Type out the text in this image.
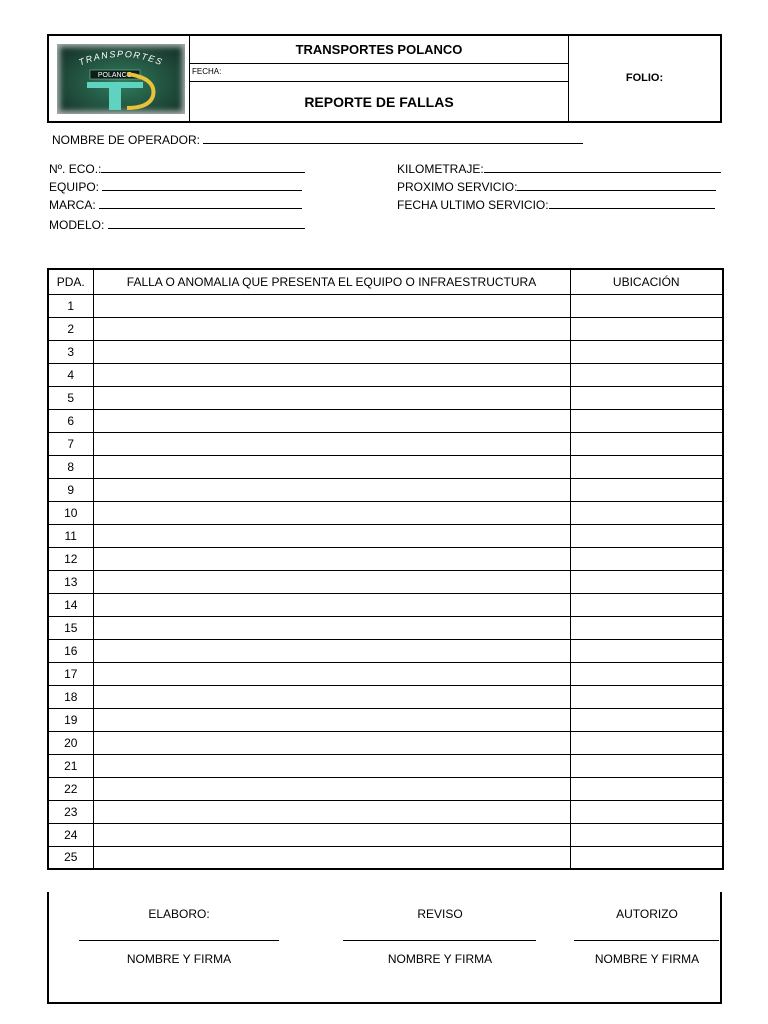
TRANSPORTES
POLANCO
TRANSPORTES POLANCO
FECHA:
REPORTE DE FALLAS
FOLIO:
NOMBRE DE OPERADOR:
Nº. ECO.:
EQUIPO:
MARCA:
MODELO:
KILOMETRAJE:
PROXIMO SERVICIO:
FECHA ULTIMO SERVICIO:
PDA.	FALLA O ANOMALIA QUE PRESENTA EL EQUIPO O INFRAESTRUCTURA	UBICACIÓN
1		
2		
3		
4		
5		
6		
7		
8		
9		
10		
11		
12		
13		
14		
15		
16		
17		
18		
19		
20		
21		
22		
23		
24		
25		
ELABORO:
NOMBRE Y FIRMA
REVISO
NOMBRE Y FIRMA
AUTORIZO
NOMBRE Y FIRMA
